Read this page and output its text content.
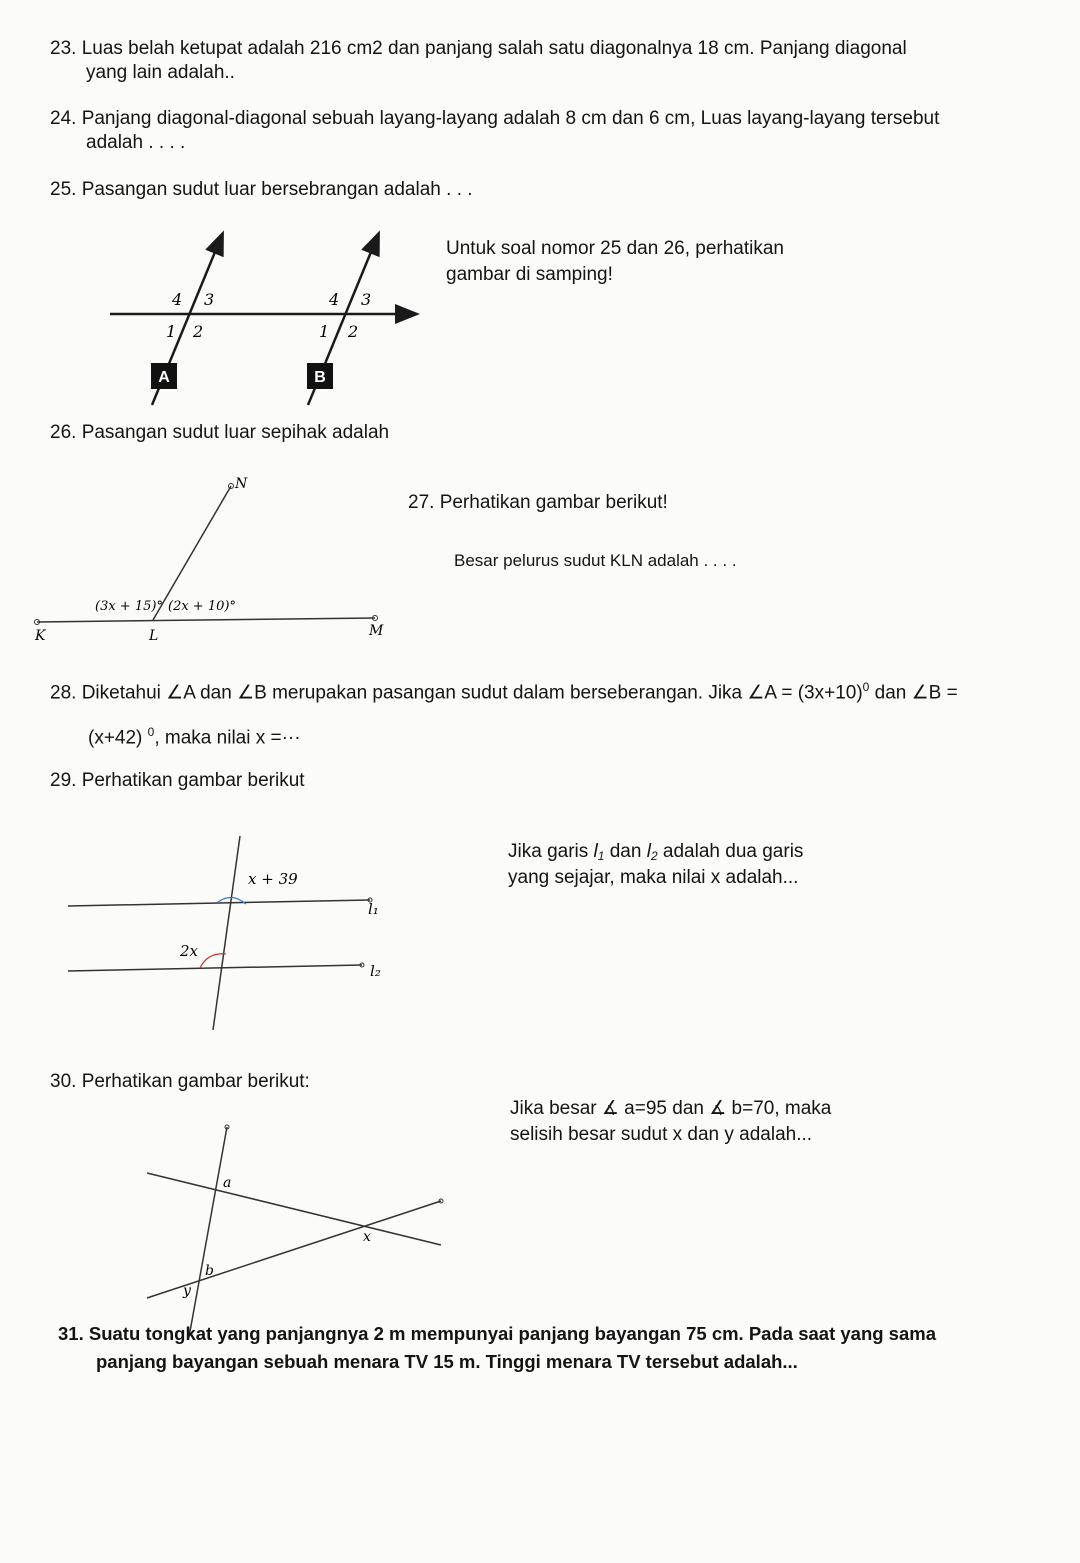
23. Luas belah ketupat adalah 216 cm2 dan panjang salah satu diagonalnya 18 cm. Panjang diagonal
yang lain adalah..
24. Panjang diagonal-diagonal sebuah layang-layang adalah 8 cm dan 6 cm, Luas layang-layang tersebut
adalah . . . .
25. Pasangan sudut luar bersebrangan adalah . . .
Untuk soal nomor 25 dan 26, perhatikan
gambar di samping!
4 3
1 2
4 3
1 2
A	B
26. Pasangan sudut luar sepihak adalah
27. Perhatikan gambar berikut!
Besar pelurus sudut KLN adalah . . . .
N
K	L	M
(3x + 15)° (2x + 10)°
28. Diketahui ∠A dan ∠B merupakan pasangan sudut dalam berseberangan. Jika ∠A = $(3x+10)^0$ dan ∠B =
(x+42) $^0$, maka nilai x =···
29. Perhatikan gambar berikut
Jika garis $l_1$ dan $l_2$ adalah dua garis
yang sejajar, maka nilai x adalah...
x + 39
2x
l₁
l₂
30. Perhatikan gambar berikut:
Jika besar ∡ a=95 dan ∡ b=70, maka
selisih besar sudut x dan y adalah...
a
x
b
y
31. Suatu tongkat yang panjangnya 2 m mempunyai panjang bayangan 75 cm. Pada saat yang sama
panjang bayangan sebuah menara TV 15 m. Tinggi menara TV tersebut adalah...
